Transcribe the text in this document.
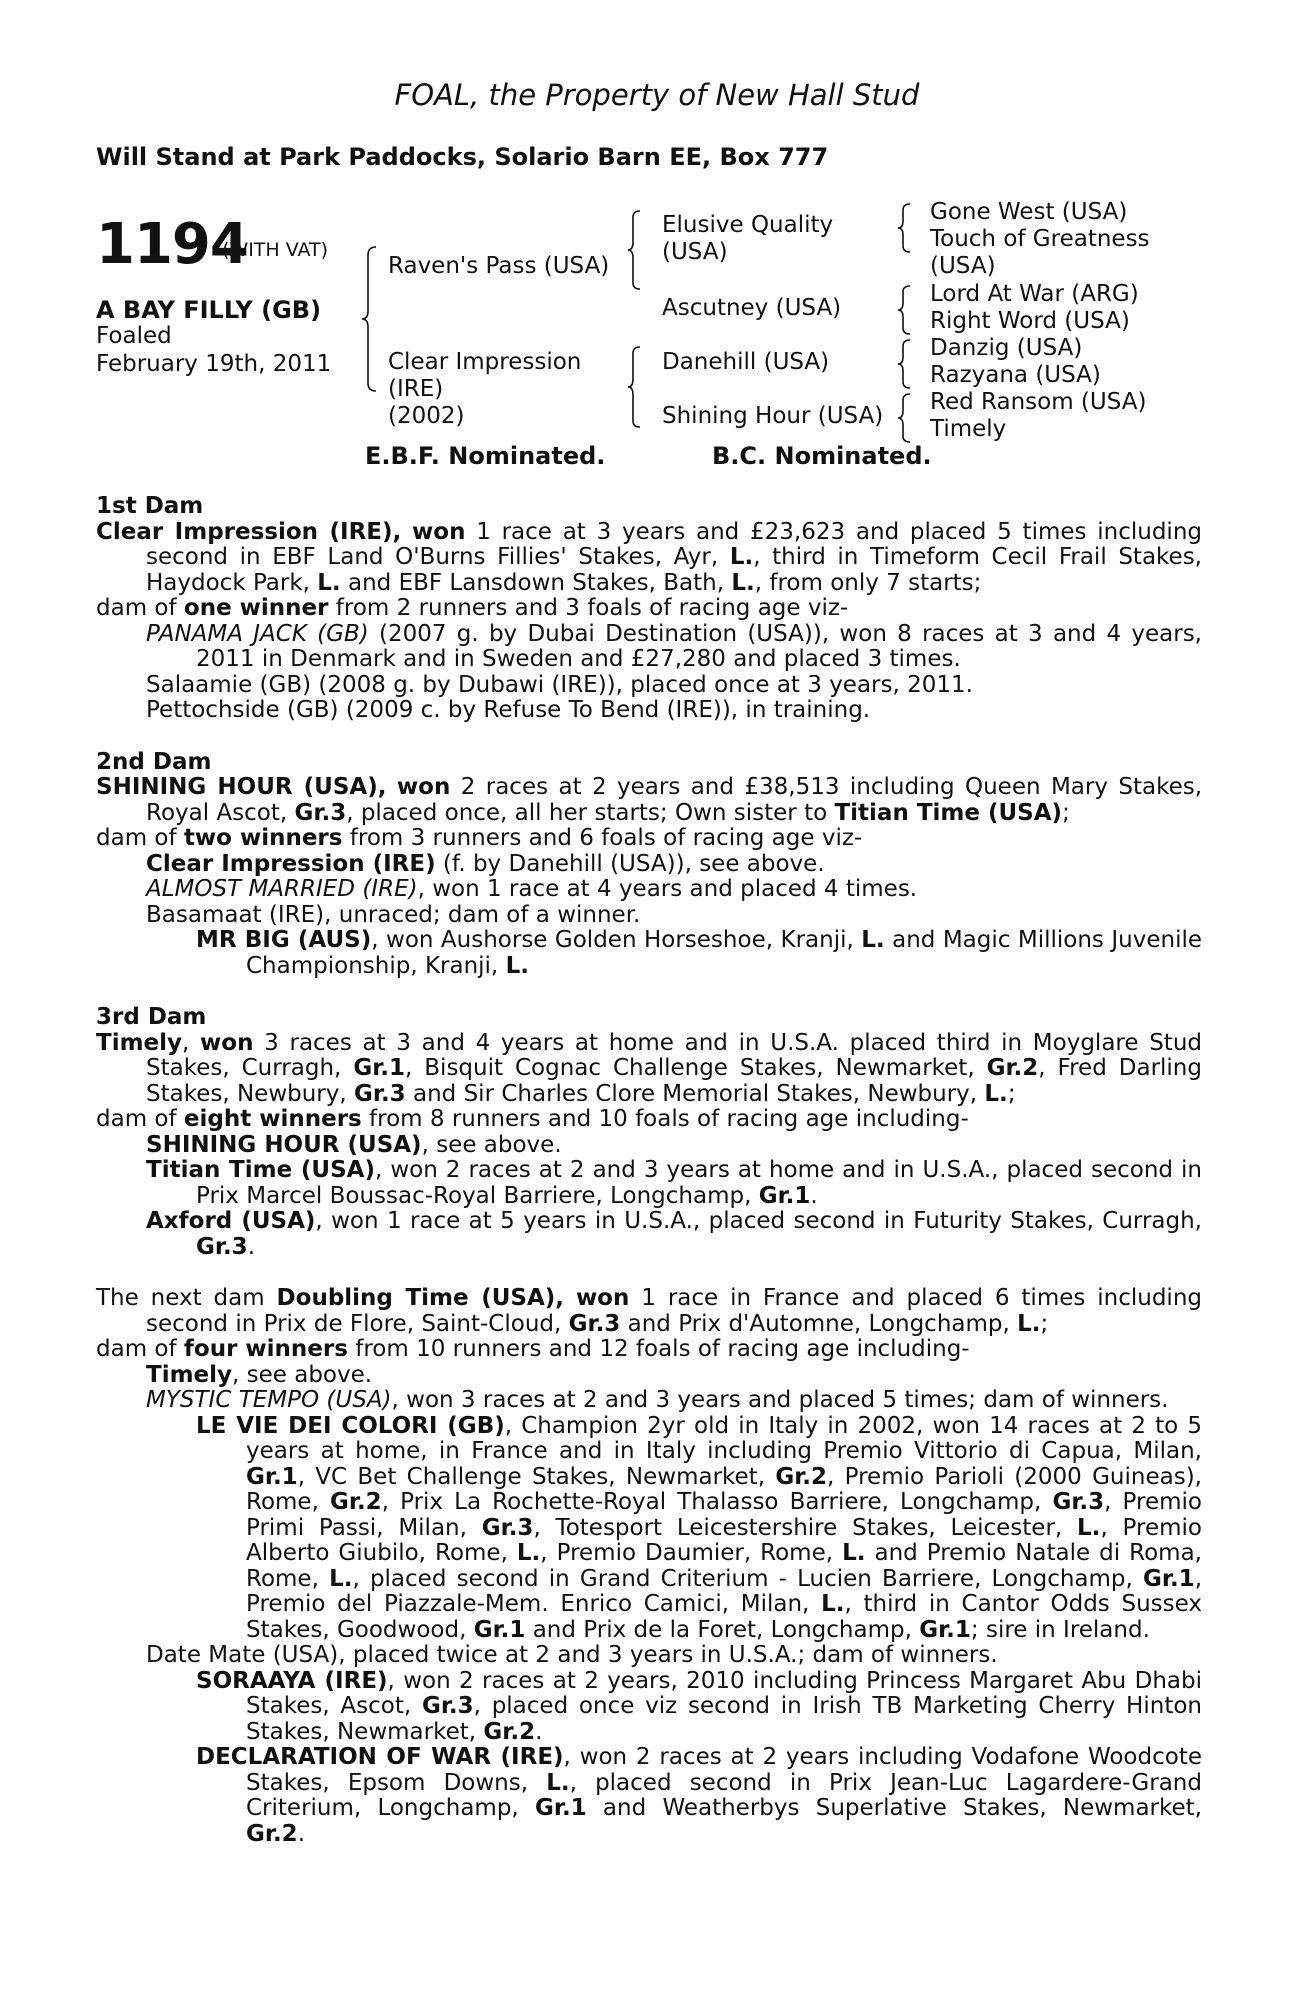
FOAL, the Property of New Hall Stud
Will Stand at Park Paddocks, Solario Barn EE, Box 777
1194
(WITH VAT)
A BAY FILLY (GB)
Foaled
February 19th, 2011
Raven's Pass (USA)
Clear Impression
(IRE)
(2002)
Elusive Quality
(USA)
Ascutney (USA)
Danehill (USA)
Shining Hour (USA)
Gone West (USA)
Touch of Greatness
(USA)
Lord At War (ARG)
Right Word (USA)
Danzig (USA)
Razyana (USA)
Red Ransom (USA)
Timely
E.B.F. Nominated.	B.C. Nominated.
1st Dam
Clear Impression (IRE), won 1 race at 3 years and £23,623 and placed 5 times including second in EBF Land O'Burns Fillies' Stakes, Ayr, L., third in Timeform Cecil Frail Stakes, Haydock Park, L. and EBF Lansdown Stakes, Bath, L., from only 7 starts;
dam of one winner from 2 runners and 3 foals of racing age viz-
PANAMA JACK (GB) (2007 g. by Dubai Destination (USA)), won 8 races at 3 and 4 years, 2011 in Denmark and in Sweden and £27,280 and placed 3 times.
Salaamie (GB) (2008 g. by Dubawi (IRE)), placed once at 3 years, 2011.
Pettochside (GB) (2009 c. by Refuse To Bend (IRE)), in training.
2nd Dam
SHINING HOUR (USA), won 2 races at 2 years and £38,513 including Queen Mary Stakes, Royal Ascot, Gr.3, placed once, all her starts; Own sister to Titian Time (USA);
dam of two winners from 3 runners and 6 foals of racing age viz-
Clear Impression (IRE) (f. by Danehill (USA)), see above.
ALMOST MARRIED (IRE), won 1 race at 4 years and placed 4 times.
Basamaat (IRE), unraced; dam of a winner.
MR BIG (AUS), won Aushorse Golden Horseshoe, Kranji, L. and Magic Millions Juvenile Championship, Kranji, L.
3rd Dam
Timely, won 3 races at 3 and 4 years at home and in U.S.A. placed third in Moyglare Stud Stakes, Curragh, Gr.1, Bisquit Cognac Challenge Stakes, Newmarket, Gr.2, Fred Darling Stakes, Newbury, Gr.3 and Sir Charles Clore Memorial Stakes, Newbury, L.;
dam of eight winners from 8 runners and 10 foals of racing age including-
SHINING HOUR (USA), see above.
Titian Time (USA), won 2 races at 2 and 3 years at home and in U.S.A., placed second in Prix Marcel Boussac-Royal Barriere, Longchamp, Gr.1.
Axford (USA), won 1 race at 5 years in U.S.A., placed second in Futurity Stakes, Curragh, Gr.3.
The next dam Doubling Time (USA), won 1 race in France and placed 6 times including second in Prix de Flore, Saint-Cloud, Gr.3 and Prix d'Automne, Longchamp, L.;
dam of four winners from 10 runners and 12 foals of racing age including-
Timely, see above.
MYSTIC TEMPO (USA), won 3 races at 2 and 3 years and placed 5 times; dam of winners.
LE VIE DEI COLORI (GB), Champion 2yr old in Italy in 2002, won 14 races at 2 to 5 years at home, in France and in Italy including Premio Vittorio di Capua, Milan, Gr.1, VC Bet Challenge Stakes, Newmarket, Gr.2, Premio Parioli (2000 Guineas), Rome, Gr.2, Prix La Rochette-Royal Thalasso Barriere, Longchamp, Gr.3, Premio Primi Passi, Milan, Gr.3, Totesport Leicestershire Stakes, Leicester, L., Premio Alberto Giubilo, Rome, L., Premio Daumier, Rome, L. and Premio Natale di Roma, Rome, L., placed second in Grand Criterium - Lucien Barriere, Longchamp, Gr.1, Premio del Piazzale-Mem. Enrico Camici, Milan, L., third in Cantor Odds Sussex Stakes, Goodwood, Gr.1 and Prix de la Foret, Longchamp, Gr.1; sire in Ireland.
Date Mate (USA), placed twice at 2 and 3 years in U.S.A.; dam of winners.
SORAAYA (IRE), won 2 races at 2 years, 2010 including Princess Margaret Abu Dhabi Stakes, Ascot, Gr.3, placed once viz second in Irish TB Marketing Cherry Hinton Stakes, Newmarket, Gr.2.
DECLARATION OF WAR (IRE), won 2 races at 2 years including Vodafone Woodcote Stakes, Epsom Downs, L., placed second in Prix Jean-Luc Lagardere-Grand Criterium, Longchamp, Gr.1 and Weatherbys Superlative Stakes, Newmarket, Gr.2.
